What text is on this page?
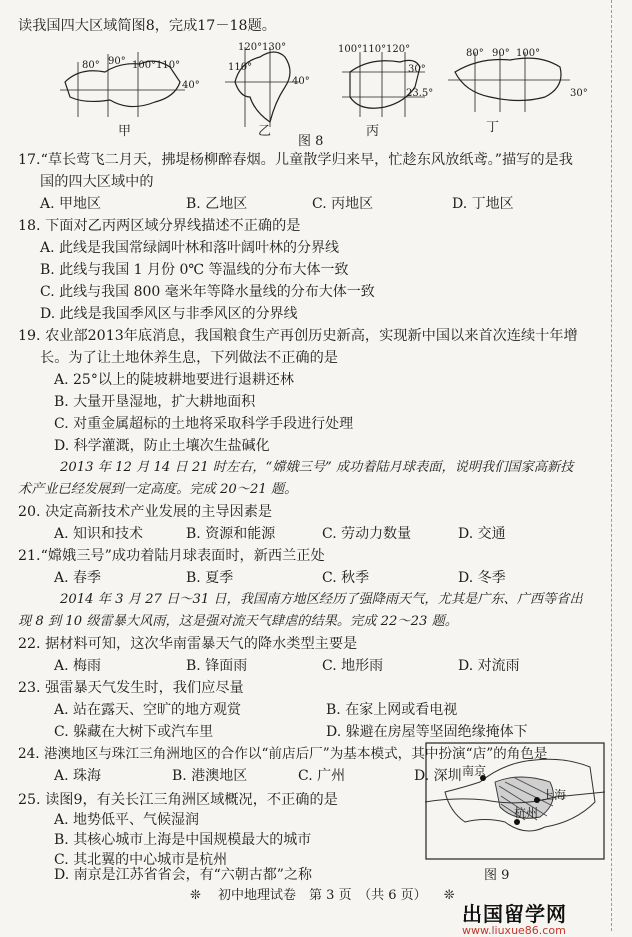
读我国四大区域简图8，完成17－18题。
甲	乙	丙	丁
80° 90° 100° 110°
40°
120° 130°
110°
40°
100° 110° 120°
30°
23.5°
80° 90° 100°
30°
图 8
17.“草长莺飞二月天，拂堤杨柳醉春烟。儿童散学归来早，忙趁东风放纸鸢。”描写的是我
国的四大区域中的
A. 甲地区	B. 乙地区	C. 丙地区	D. 丁地区
18. 下面对乙丙两区域分界线描述不正确的是
A. 此线是我国常绿阔叶林和落叶阔叶林的分界线
B. 此线与我国 1 月份 0℃ 等温线的分布大体一致
C. 此线与我国 800 毫米年等降水量线的分布大体一致
D. 此线是我国季风区与非季风区的分界线
19. 农业部2013年底消息，我国粮食生产再创历史新高，实现新中国以来首次连续十年增
长。为了让土地休养生息，下列做法不正确的是
A. 25°以上的陡坡耕地要进行退耕还林
B. 大量开垦湿地，扩大耕地面积
C. 对重金属超标的土地将采取科学手段进行处理
D. 科学灌溉，防止土壤次生盐碱化
2013 年 12 月 14 日 21 时左右，“嫦娥三号” 成功着陆月球表面，说明我们国家高新技
术产业已经发展到一定高度。完成 20～21 题。
20. 决定高新技术产业发展的主导因素是
A. 知识和技术	B. 资源和能源	C. 劳动力数量	D. 交通
21.“嫦娥三号”成功着陆月球表面时，新西兰正处
A. 春季	B. 夏季	C. 秋季	D. 冬季
2014 年 3 月 27 日～31 日，我国南方地区经历了强降雨天气，尤其是广东、广西等省出
现 8 到 10 级雷暴大风雨，这是强对流天气肆虐的结果。完成 22～23 题。
22. 据材料可知，这次华南雷暴天气的降水类型主要是
A. 梅雨	B. 锋面雨	C. 地形雨	D. 对流雨
23. 强雷暴天气发生时，我们应尽量
A. 站在露天、空旷的地方观赏	B. 在家上网或看电视
C. 躲藏在大树下或汽车里	D. 躲避在房屋等坚固绝缘掩体下
24. 港澳地区与珠江三角洲地区的合作以“前店后厂”为基本模式，其中扮演“店”的角色是
A. 珠海	B. 港澳地区	C. 广州	D. 深圳
25. 读图9，有关长江三角洲区域概况，不正确的是
A. 地势低平、气候湿润
B. 其核心城市上海是中国规模最大的城市
C. 其北翼的中心城市是杭州
南京
上海
杭州
图 9
❊　 初中地理试卷　第 3 页　（共 6 页） 　❊
出国留学网
www.liuxue86.com
D. 南京是江苏省省会，有“六朝古都”之称
